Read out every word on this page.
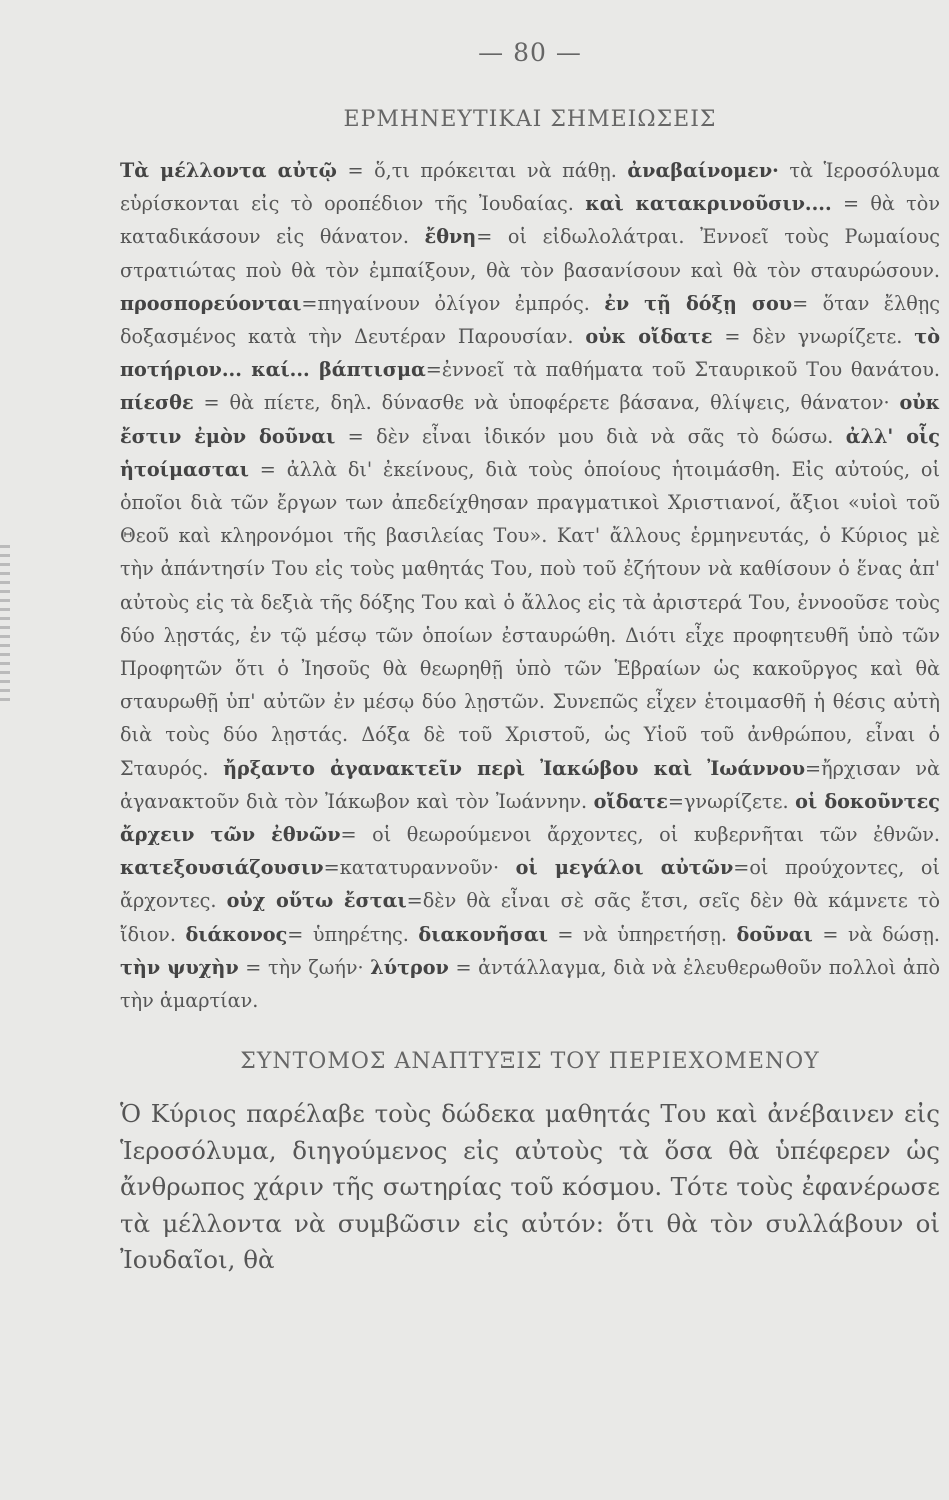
— 80 —
ΕΡΜΗΝΕΥΤΙΚΑΙ ΣΗΜΕΙΩΣΕΙΣ

Τὰ μέλλοντα αὐτῷ = ὅ,τι πρόκειται νὰ πάθῃ. ἀναβαίνομεν· τὰ Ἱεροσόλυμα εὑρίσκονται εἰς τὸ οροπέδιον τῆς Ἰουδαίας. καὶ κατακρινοῦσιν.... = θὰ τὸν καταδικάσουν εἰς θάνατον. ἔθνη= οἱ εἰδωλολάτραι. Ἐννοεῖ τοὺς Ρωμαίους στρατιώτας ποὺ θὰ τὸν ἐμπαίξουν, θὰ τὸν βασανίσουν καὶ θὰ τὸν σταυρώσουν. προσπορεύονται=πηγαίνουν ὀλίγον ἐμπρός. ἐν τῇ δόξῃ σου= ὅταν ἔλθῃς δοξασμένος κατὰ τὴν Δευτέραν Παρουσίαν. οὐκ οἴδατε = δὲν γνωρίζετε. τὸ ποτήριον... καί... βάπτισμα=ἐννοεῖ τὰ παθήματα τοῦ Σταυρικοῦ Του θανάτου. πίεσθε = θὰ πίετε, δηλ. δύνασθε νὰ ὑποφέρετε βάσανα, θλίψεις, θάνατον· οὐκ ἔστιν ἐμὸν δοῦναι = δὲν εἶναι ἰδικόν μου διὰ νὰ σᾶς τὸ δώσω. ἀλλ' οἷς ἡτοίμασται = ἀλλὰ δι' ἐκείνους, διὰ τοὺς ὁποίους ἡτοιμάσθη. Εἰς αὐτούς, οἱ ὁποῖοι διὰ τῶν ἔργων των ἀπεδείχθησαν πραγματικοὶ Χριστιανοί, ἄξιοι «υἱοὶ τοῦ Θεοῦ καὶ κληρονόμοι τῆς βασιλείας Του». Κατ' ἄλλους ἑρμηνευτάς, ὁ Κύριος μὲ τὴν ἀπάντησίν Του εἰς τοὺς μαθητάς Του, ποὺ τοῦ ἐζήτουν νὰ καθίσουν ὁ ἕνας ἀπ' αὐτοὺς εἰς τὰ δεξιὰ τῆς δόξης Του καὶ ὁ ἄλλος εἰς τὰ ἀριστερά Του, ἐννοοῦσε τοὺς δύο λῃστάς, ἐν τῷ μέσῳ τῶν ὁποίων ἐσταυρώθη. Διότι εἶχε προφητευθῆ ὑπὸ τῶν Προφητῶν ὅτι ὁ Ἰησοῦς θὰ θεωρηθῇ ὑπὸ τῶν Ἑβραίων ὡς κακοῦργος καὶ θὰ σταυρωθῇ ὑπ' αὐτῶν ἐν μέσῳ δύο λῃστῶν. Συνεπῶς εἶχεν ἑτοιμασθῆ ἡ θέσις αὐτὴ διὰ τοὺς δύο λῃστάς. Δόξα δὲ τοῦ Χριστοῦ, ὡς Υἱοῦ τοῦ ἀνθρώπου, εἶναι ὁ Σταυρός. ἤρξαντο ἀγανακτεῖν περὶ Ἰακώβου καὶ Ἰωάννου=ἤρχισαν νὰ ἀγανακτοῦν διὰ τὸν Ἰάκωβον καὶ τὸν Ἰωάννην. οἴδατε=γνωρίζετε. οἱ δοκοῦντες ἄρχειν τῶν ἐθνῶν= οἱ θεωρούμενοι ἄρχοντες, οἱ κυβερνῆται τῶν ἐθνῶν. κατεξουσιάζουσιν=κατατυραννοῦν· οἱ μεγάλοι αὐτῶν=οἱ προύχοντες, οἱ ἄρχοντες. οὐχ οὕτω ἔσται=δὲν θὰ εἶναι σὲ σᾶς ἔτσι, σεῖς δὲν θὰ κάμνετε τὸ ἴδιον. διάκονος= ὑπηρέτης. διακονῆσαι = νὰ ὑπηρετήσῃ. δοῦναι = νὰ δώσῃ. τὴν ψυχὴν = τὴν ζωήν· λύτρον = ἀντάλλαγμα, διὰ νὰ ἐλευθερωθοῦν πολλοὶ ἀπὸ τὴν ἁμαρτίαν.

ΣΥΝΤΟΜΟΣ ΑΝΑΠΤΥΞΙΣ ΤΟΥ ΠΕΡΙΕΧΟΜΕΝΟΥ

Ὁ Κύριος παρέλαβε τοὺς δώδεκα μαθητάς Του καὶ ἀνέβαινεν εἰς Ἱεροσόλυμα, διηγούμενος εἰς αὐτοὺς τὰ ὅσα θὰ ὑπέφερεν ὡς ἄνθρωπος χάριν τῆς σωτηρίας τοῦ κόσμου. Τότε τοὺς ἐφανέρωσε τὰ μέλλοντα νὰ συμβῶσιν εἰς αὐτόν: ὅτι θὰ τὸν συλλάβουν οἱ Ἰουδαῖοι, θὰ
